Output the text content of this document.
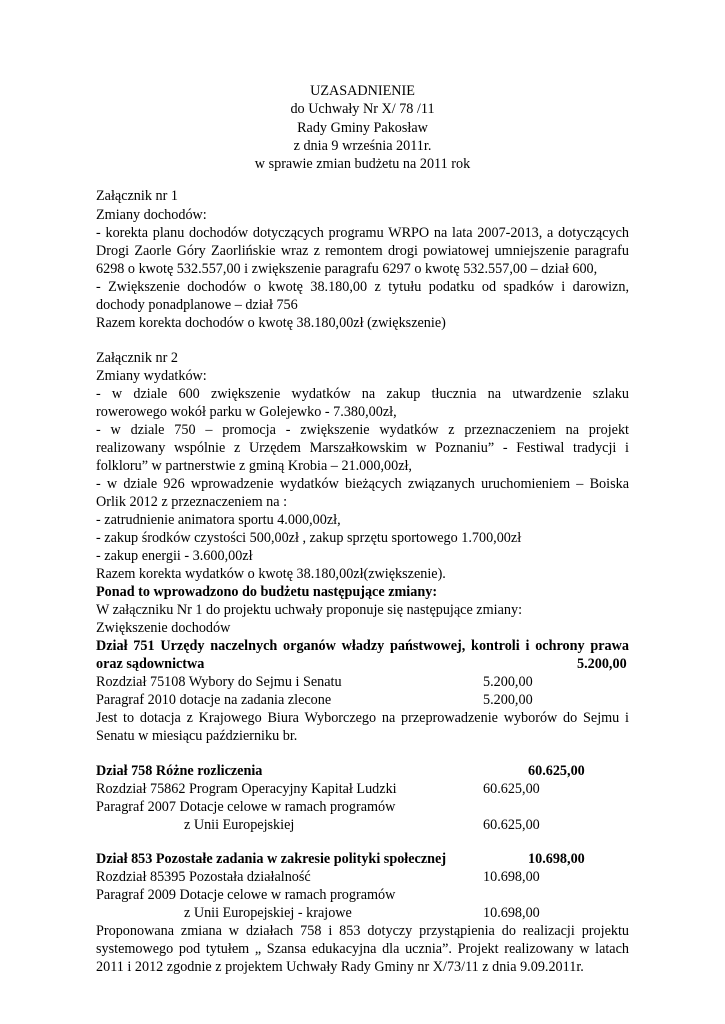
UZASADNIENIE
do Uchwały Nr X/ 78 /11
Rady Gminy Pakosław
z dnia 9 września 2011r.
w sprawie zmian budżetu na 2011 rok
Załącznik nr 1
Zmiany dochodów:
- korekta planu dochodów dotyczących programu WRPO na lata 2007-2013, a dotyczących
Drogi Zaorle Góry Zaorlińskie wraz z remontem drogi powiatowej umniejszenie paragrafu
6298 o kwotę 532.557,00 i zwiększenie paragrafu 6297 o kwotę 532.557,00 – dział 600,
- Zwiększenie dochodów o kwotę 38.180,00 z tytułu podatku od spadków i darowizn,
dochody ponadplanowe – dział 756
Razem korekta dochodów o kwotę 38.180,00zł (zwiększenie)
Załącznik nr 2
Zmiany wydatków:
- w dziale 600 zwiększenie wydatków na zakup tłucznia na utwardzenie szlaku
rowerowego wokół parku w Golejewko - 7.380,00zł,
- w dziale 750 – promocja - zwiększenie wydatków z przeznaczeniem na projekt
realizowany wspólnie z Urzędem Marszałkowskim w Poznaniu” - Festiwal tradycji i
folkloru” w partnerstwie z gminą Krobia – 21.000,00zł,
- w dziale 926 wprowadzenie wydatków bieżących związanych uruchomieniem – Boiska
Orlik 2012 z przeznaczeniem na :
- zatrudnienie animatora sportu 4.000,00zł,
- zakup środków czystości 500,00zł , zakup sprzętu sportowego 1.700,00zł
- zakup energii - 3.600,00zł
Razem korekta wydatków o kwotę 38.180,00zł(zwiększenie).
Ponad to wprowadzono do budżetu następujące zmiany:
W załączniku Nr 1 do projektu uchwały proponuje się następujące zmiany:
Zwiększenie dochodów
Dział 751 Urzędy naczelnych organów władzy państwowej, kontroli i ochrony prawa
oraz sądownictwa	5.200,00
Rozdział 75108 Wybory do Sejmu i Senatu	5.200,00
Paragraf 2010 dotacje na zadania zlecone	5.200,00
Jest to dotacja z Krajowego Biura Wyborczego na przeprowadzenie wyborów do Sejmu i
Senatu w miesiącu październiku br.
Dział 758 Różne rozliczenia	60.625,00
Rozdział 75862 Program Operacyjny Kapitał Ludzki	60.625,00
Paragraf 2007 Dotacje celowe w ramach programów
z Unii Europejskiej	60.625,00
Dział 853 Pozostałe zadania w zakresie polityki społecznej	10.698,00
Rozdział 85395 Pozostała działalność	10.698,00
Paragraf 2009 Dotacje celowe w ramach programów
z Unii Europejskiej - krajowe	10.698,00
Proponowana zmiana w działach 758 i 853 dotyczy przystąpienia do realizacji projektu
systemowego pod tytułem „ Szansa edukacyjna dla ucznia”. Projekt realizowany w latach
2011 i 2012 zgodnie z projektem Uchwały Rady Gminy nr X/73/11 z dnia 9.09.2011r.
